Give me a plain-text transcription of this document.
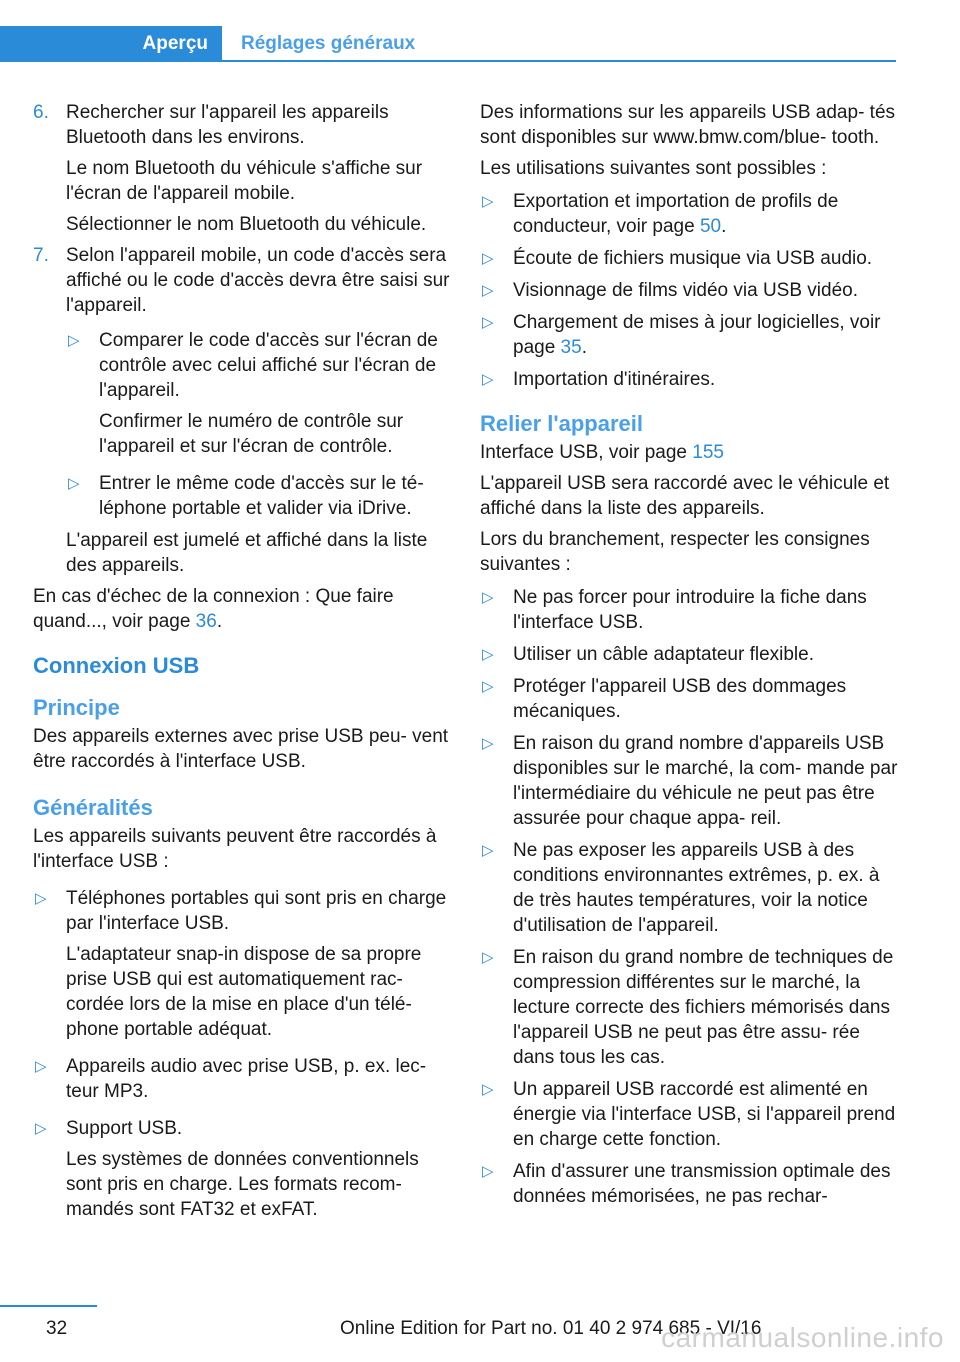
Aperçu	Réglages généraux
6. Rechercher sur l'appareil les appareils Bluetooth dans les environs.
Le nom Bluetooth du véhicule s'affiche sur l'écran de l'appareil mobile.
Sélectionner le nom Bluetooth du véhicule.
7. Selon l'appareil mobile, un code d'accès sera affiché ou le code d'accès devra être saisi sur l'appareil.
▷ Comparer le code d'accès sur l'écran de contrôle avec celui affiché sur l'écran de l'appareil.
Confirmer le numéro de contrôle sur l'appareil et sur l'écran de contrôle.
▷ Entrer le même code d'accès sur le té‐ léphone portable et valider via iDrive.
L'appareil est jumelé et affiché dans la liste des appareils.
En cas d'échec de la connexion : Que faire quand..., voir page 36.
Connexion USB
Principe
Des appareils externes avec prise USB peu‐ vent être raccordés à l'interface USB.
Généralités
Les appareils suivants peuvent être raccordés à l'interface USB :
▷ Téléphones portables qui sont pris en charge par l'interface USB.
L'adaptateur snap-in dispose de sa propre prise USB qui est automatiquement rac‐ cordée lors de la mise en place d'un télé‐ phone portable adéquat.
▷ Appareils audio avec prise USB, p. ex. lec‐ teur MP3.
▷ Support USB.
Les systèmes de données conventionnels sont pris en charge. Les formats recom‐ mandés sont FAT32 et exFAT.
Des informations sur les appareils USB adap‐ tés sont disponibles sur www.bmw.com/blue‐ tooth.
Les utilisations suivantes sont possibles :
▷ Exportation et importation de profils de conducteur, voir page 50.
▷ Écoute de fichiers musique via USB audio.
▷ Visionnage de films vidéo via USB vidéo.
▷ Chargement de mises à jour logicielles, voir page 35.
▷ Importation d'itinéraires.
Relier l'appareil
Interface USB, voir page 155
L'appareil USB sera raccordé avec le véhicule et affiché dans la liste des appareils.
Lors du branchement, respecter les consignes suivantes :
▷ Ne pas forcer pour introduire la fiche dans l'interface USB.
▷ Utiliser un câble adaptateur flexible.
▷ Protéger l'appareil USB des dommages mécaniques.
▷ En raison du grand nombre d'appareils USB disponibles sur le marché, la com‐ mande par l'intermédiaire du véhicule ne peut pas être assurée pour chaque appa‐ reil.
▷ Ne pas exposer les appareils USB à des conditions environnantes extrêmes, p. ex. à de très hautes températures, voir la notice d'utilisation de l'appareil.
▷ En raison du grand nombre de techniques de compression différentes sur le marché, la lecture correcte des fichiers mémorisés dans l'appareil USB ne peut pas être assu‐ rée dans tous les cas.
▷ Un appareil USB raccordé est alimenté en énergie via l'interface USB, si l'appareil prend en charge cette fonction.
▷ Afin d'assurer une transmission optimale des données mémorisées, ne pas rechar‐
32	Online Edition for Part no. 01 40 2 974 685 - VI/16
carmanualsonline.info
